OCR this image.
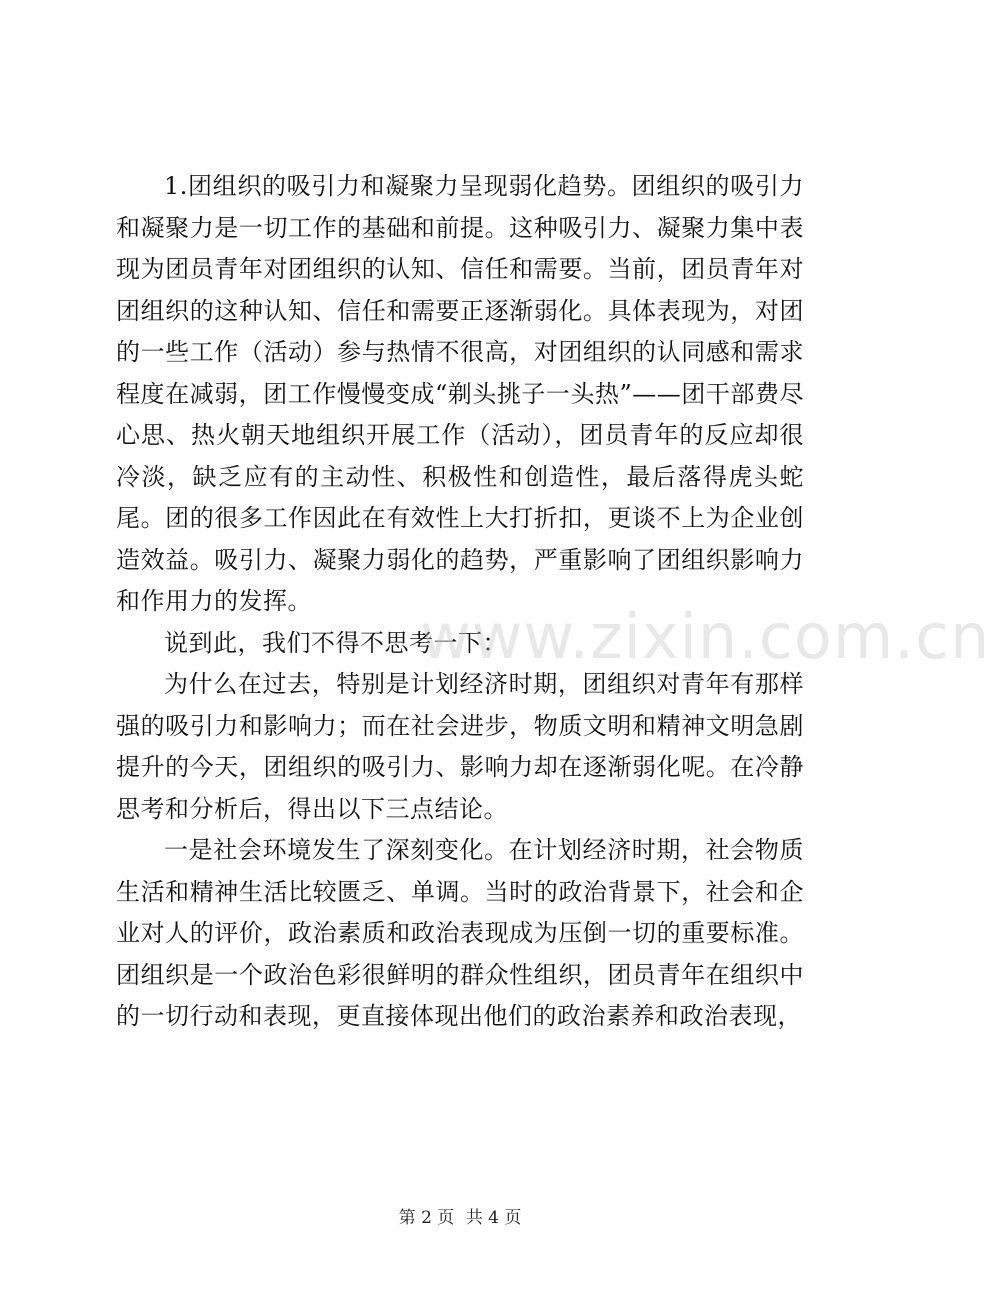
1.团组织的吸引力和凝聚力呈现弱化趋势。团组织的吸引力和凝聚力是一切工作的基础和前提。这种吸引力、凝聚力集中表现为团员青年对团组织的认知、信任和需要。当前，团员青年对团组织的这种认知、信任和需要正逐渐弱化。具体表现为，对团的一些工作（活动）参与热情不很高，对团组织的认同感和需求程度在减弱，团工作慢慢变成“剃头挑子一头热”——团干部费尽心思、热火朝天地组织开展工作（活动），团员青年的反应却很冷淡，缺乏应有的主动性、积极性和创造性，最后落得虎头蛇尾。团的很多工作因此在有效性上大打折扣，更谈不上为企业创造效益。吸引力、凝聚力弱化的趋势，严重影响了团组织影响力和作用力的发挥。

说到此，我们不得不思考一下：

为什么在过去，特别是计划经济时期，团组织对青年有那样强的吸引力和影响力；而在社会进步，物质文明和精神文明急剧提升的今天，团组织的吸引力、影响力却在逐渐弱化呢。在冷静思考和分析后，得出以下三点结论。

一是社会环境发生了深刻变化。在计划经济时期，社会物质生活和精神生活比较匮乏、单调。当时的政治背景下，社会和企业对人的评价，政治素质和政治表现成为压倒一切的重要标准。团组织是一个政治色彩很鲜明的群众性组织，团员青年在组织中的一切行动和表现，更直接体现出他们的政治素养和政治表现，

www.zixin.com.cn
第 2 页 共 4 页
